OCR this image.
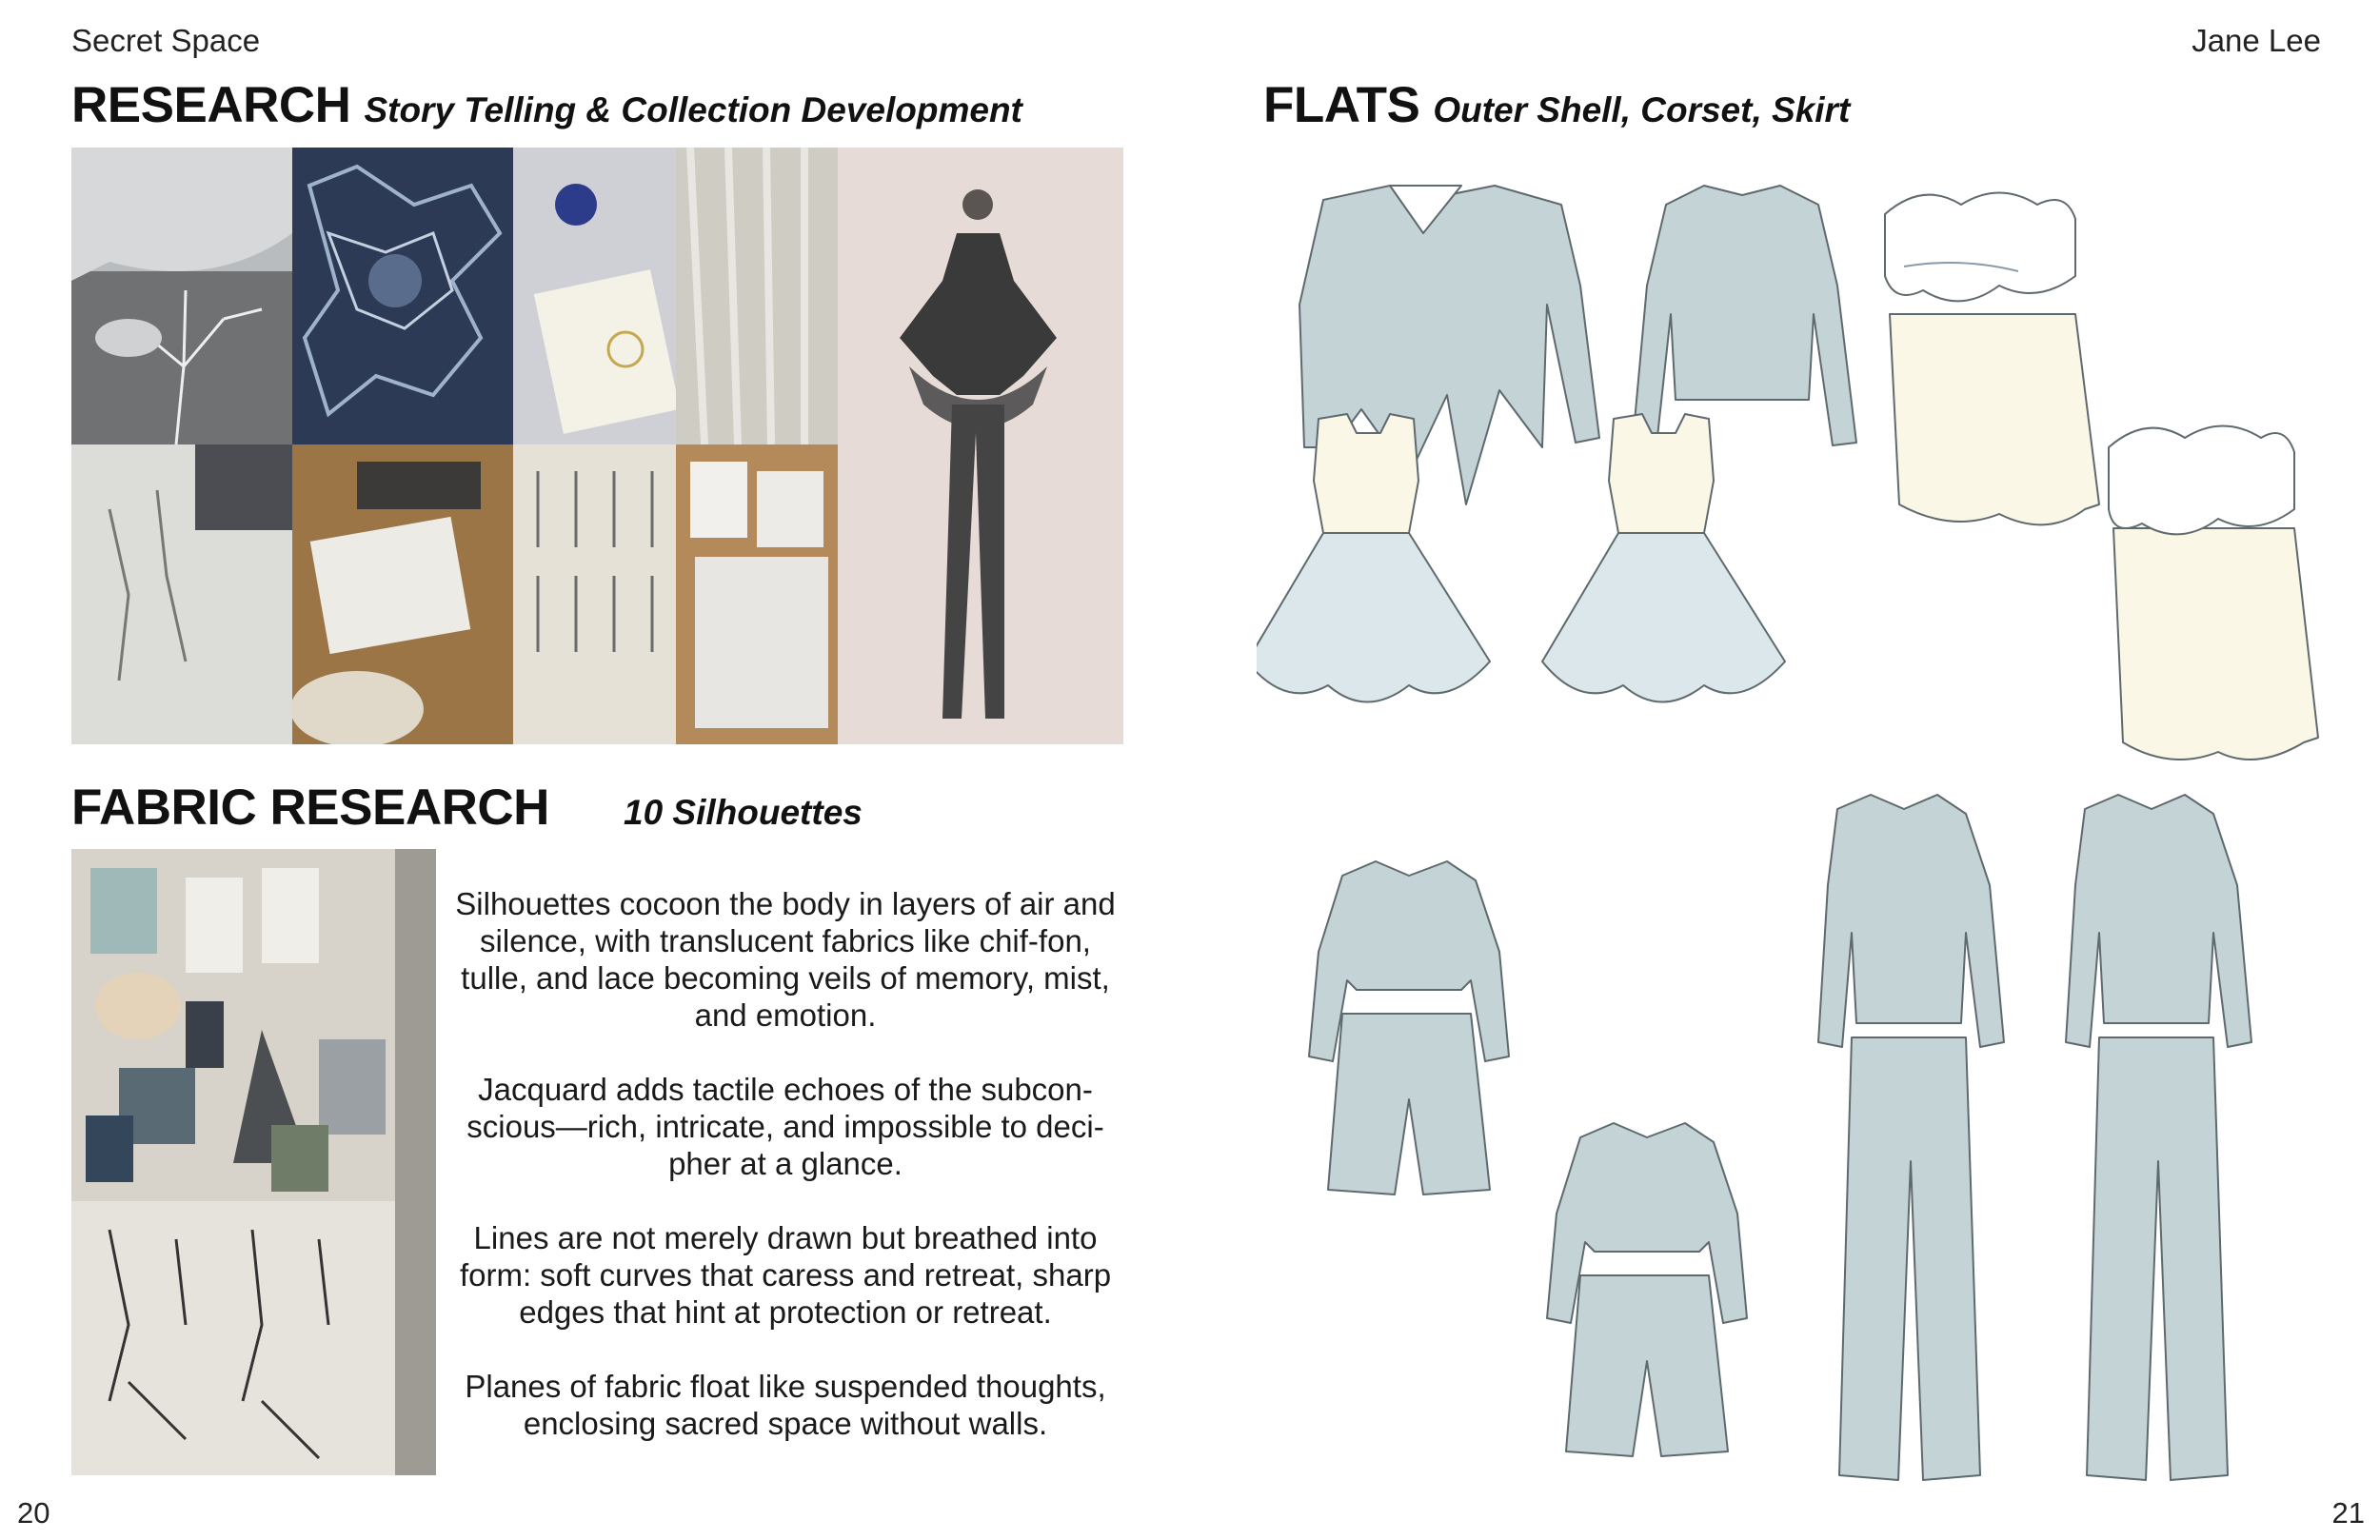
Secret Space	Jane Lee
RESEARCH Story Telling & Collection Development
FABRIC RESEARCH 10 Silhouettes

Silhouettes cocoon the body in layers of air and silence, with translucent fabrics like chif-fon, tulle, and lace becoming veils of memory, mist, and emotion.

Jacquard adds tactile echoes of the subcon-scious—rich, intricate, and impossible to deci-pher at a glance.

Lines are not merely drawn but breathed into form: soft curves that caress and retreat, sharp edges that hint at protection or retreat.

Planes of fabric float like suspended thoughts, enclosing sacred space without walls.

20	21
FLATS Outer Shell, Corset, Skirt
